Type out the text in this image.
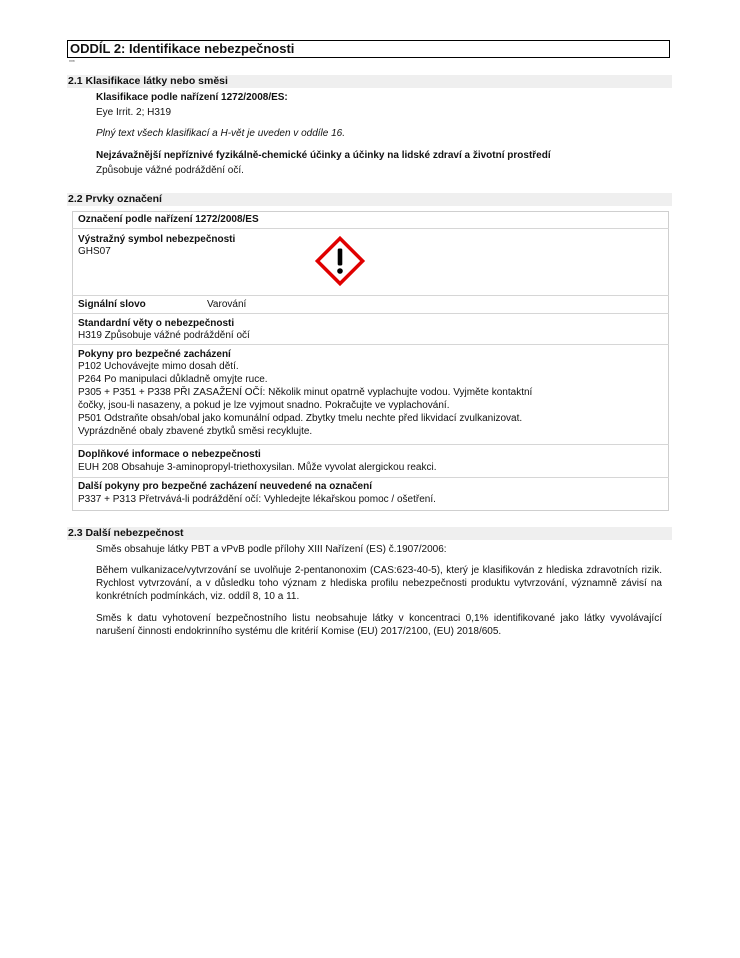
ODDÍL 2: Identifikace nebezpečnosti
***
2.1 Klasifikace látky nebo směsi
Klasifikace podle nařízení 1272/2008/ES:
Eye Irrit. 2; H319
Plný text všech klasifikací a H-vět je uveden v oddíle 16.
Nejzávažnější nepříznivé fyzikálně-chemické účinky a účinky na lidské zdraví a životní prostředí
Způsobuje vážné podráždění očí.
2.2 Prvky označení
Označení podle nařízení 1272/2008/ES
Výstražný symbol nebezpečnosti
GHS07
Signální slovo	Varování
Standardní věty o nebezpečnosti
H319 Způsobuje vážné podráždění očí
Pokyny pro bezpečné zacházení
P102 Uchovávejte mimo dosah dětí.
P264 Po manipulaci důkladně omyjte ruce.
P305 + P351 + P338 PŘI ZASAŽENÍ OČÍ: Několik minut opatrně vyplachujte vodou. Vyjměte kontaktní
čočky, jsou-li nasazeny, a pokud je lze vyjmout snadno. Pokračujte ve vyplachování.
P501 Odstraňte obsah/obal jako komunální odpad. Zbytky tmelu nechte před likvidací zvulkanizovat.
Vyprázdněné obaly zbavené zbytků směsi recyklujte.
Doplňkové informace o nebezpečnosti
EUH 208 Obsahuje 3-aminopropyl-triethoxysilan. Může vyvolat alergickou reakci.
Další pokyny pro bezpečné zacházení neuvedené na označení
P337 + P313 Přetrvává-li podráždění očí: Vyhledejte lékařskou pomoc / ošetření.
2.3 Další nebezpečnost
Směs obsahuje látky PBT a vPvB podle přílohy XIII Nařízení (ES) č.1907/2006:
Během vulkanizace/vytvrzování se uvolňuje 2-pentanonoxim (CAS:623-40-5), který je klasifikován z hlediska zdravotních rizik. Rychlost vytvrzování, a v důsledku toho význam z hlediska profilu nebezpečnosti produktu vytvrzování, významně závisí na konkrétních podmínkách, viz. oddíl 8, 10 a 11.
Směs k datu vyhotovení bezpečnostního listu neobsahuje látky v koncentraci 0,1% identifikované jako látky vyvolávající narušení činnosti endokrinního systému dle kritérií Komise (EU) 2017/2100, (EU) 2018/605.
